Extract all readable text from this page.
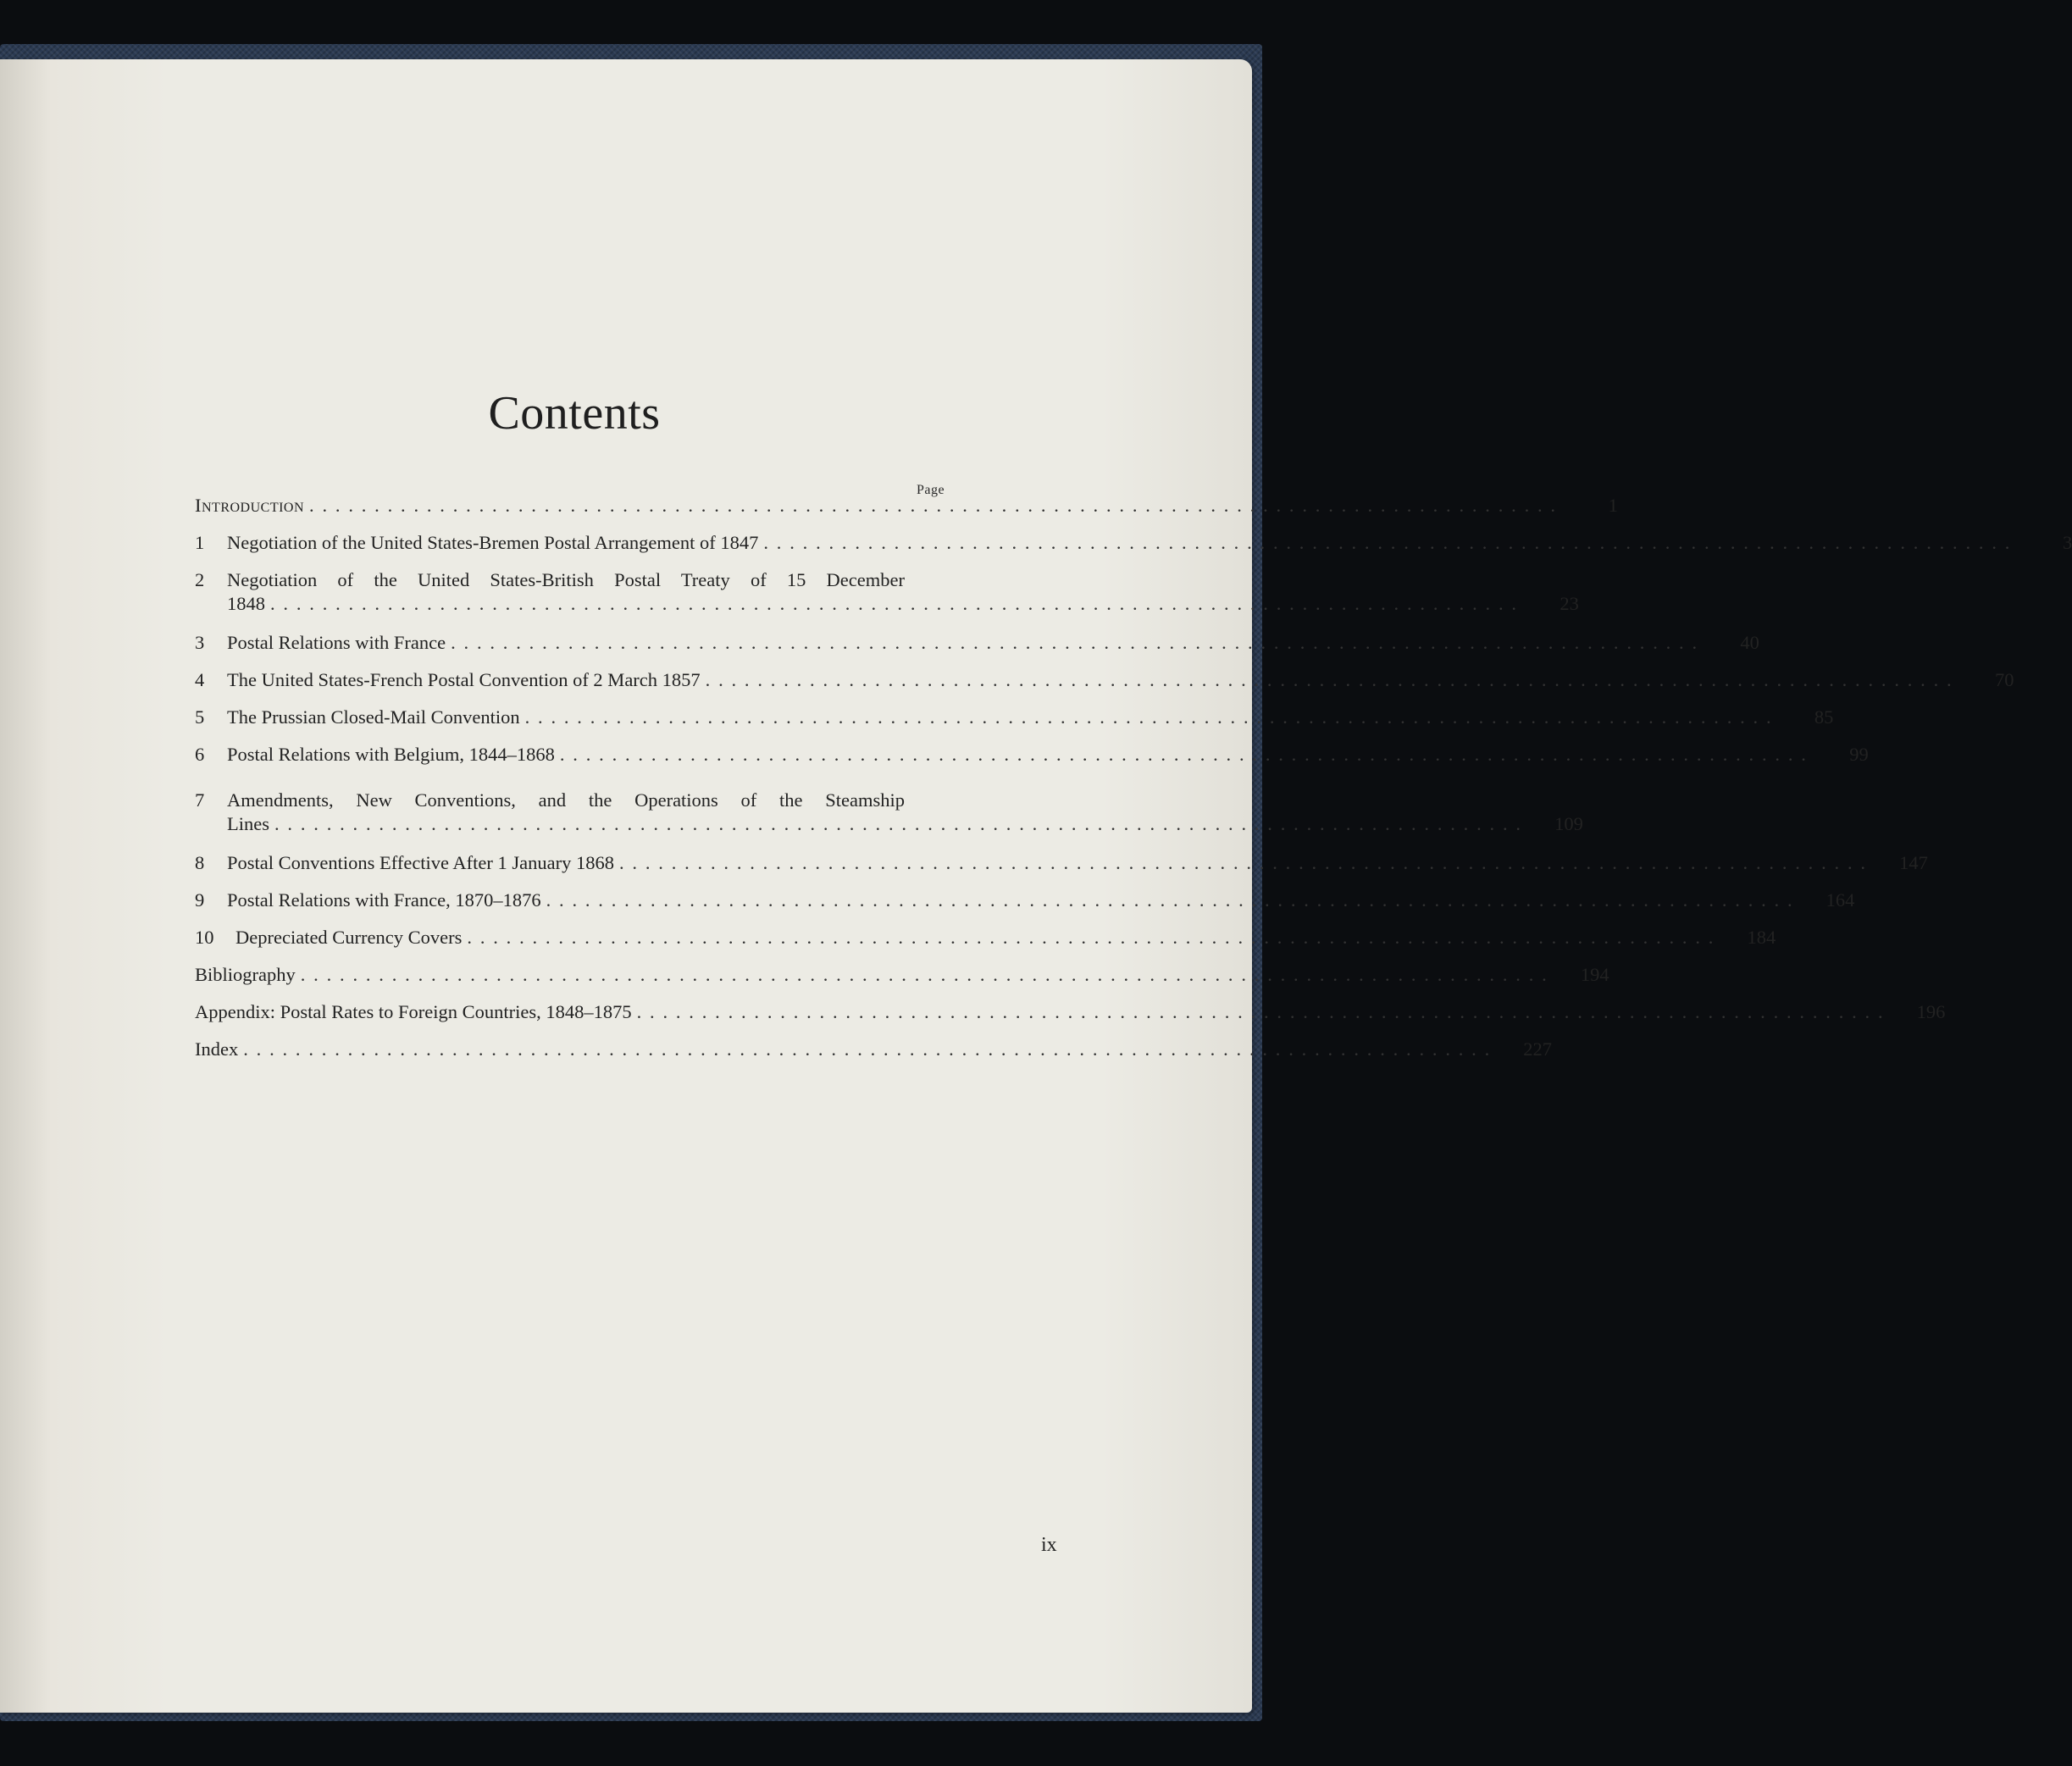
Contents
Page
Introduction ................................................................................................	1
1	Negotiation of the United States-Bremen Postal Arrangement of 1847 ................................................................................................	3
2	Negotiation of the United States-British Postal Treaty of 15 December
1848 ................................................................................................	23
3	Postal Relations with France ................................................................................................	40
4	The United States-French Postal Convention of 2 March 1857 ................................................................................................	70
5	The Prussian Closed-Mail Convention ................................................................................................	85
6	Postal Relations with Belgium, 1844–1868 ................................................................................................	99
7	Amendments, New Conventions, and the Operations of the Steamship
Lines ................................................................................................	109
8	Postal Conventions Effective After 1 January 1868 ................................................................................................	147
9	Postal Relations with France, 1870–1876 ................................................................................................	164
10	Depreciated Currency Covers ................................................................................................	184
Bibliography ................................................................................................	194
Appendix: Postal Rates to Foreign Countries, 1848–1875 ................................................................................................	196
Index ................................................................................................	227
ix
